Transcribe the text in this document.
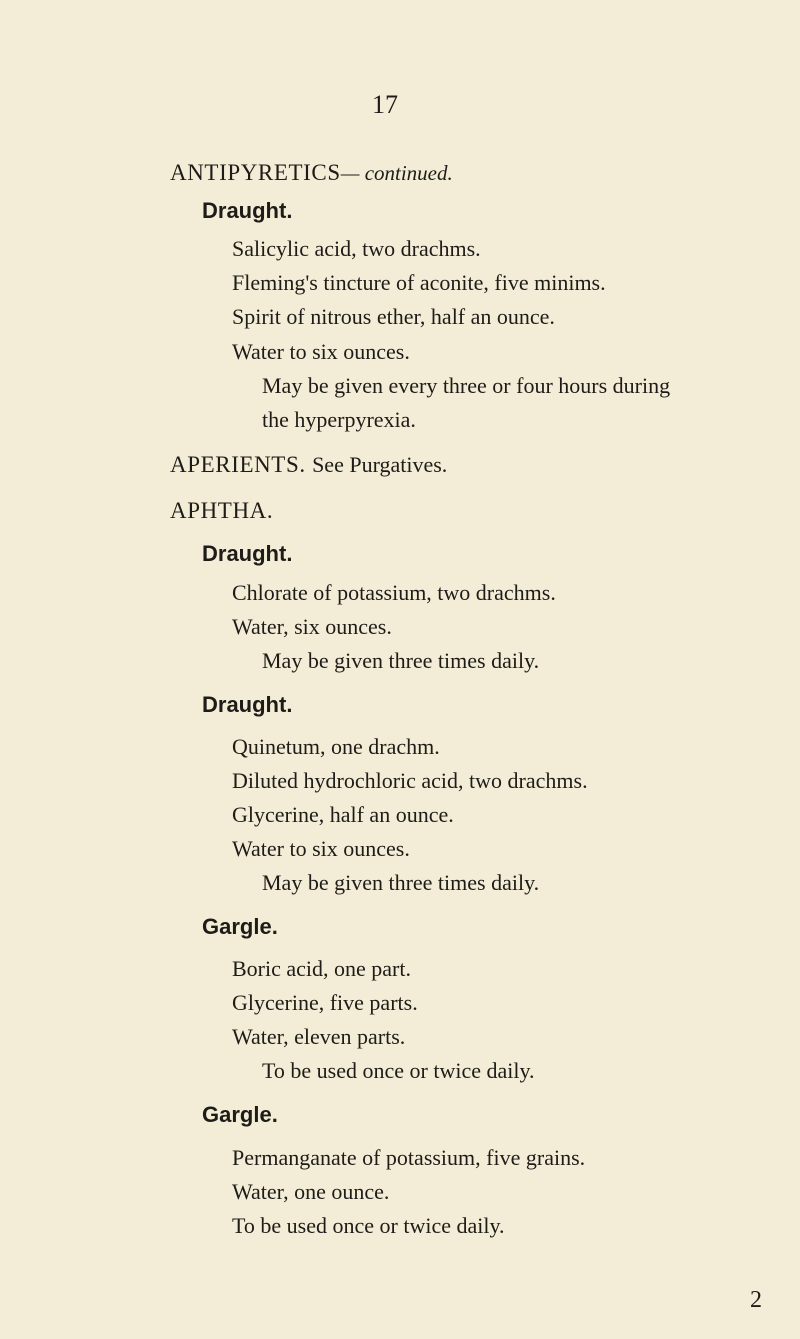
17
ANTIPYRETICS— continued.
Draught.
Salicylic acid, two drachms.
Fleming's tincture of aconite, five minims.
Spirit of nitrous ether, half an ounce.
Water to six ounces.
May be given every three or four hours during
the hyperpyrexia.
APERIENTS. See Purgatives.
APHTHA.
Draught.
Chlorate of potassium, two drachms.
Water, six ounces.
May be given three times daily.
Draught.
Quinetum, one drachm.
Diluted hydrochloric acid, two drachms.
Glycerine, half an ounce.
Water to six ounces.
May be given three times daily.
Gargle.
Boric acid, one part.
Glycerine, five parts.
Water, eleven parts.
To be used once or twice daily.
Gargle.
Permanganate of potassium, five grains.
Water, one ounce.
To be used once or twice daily.
2
